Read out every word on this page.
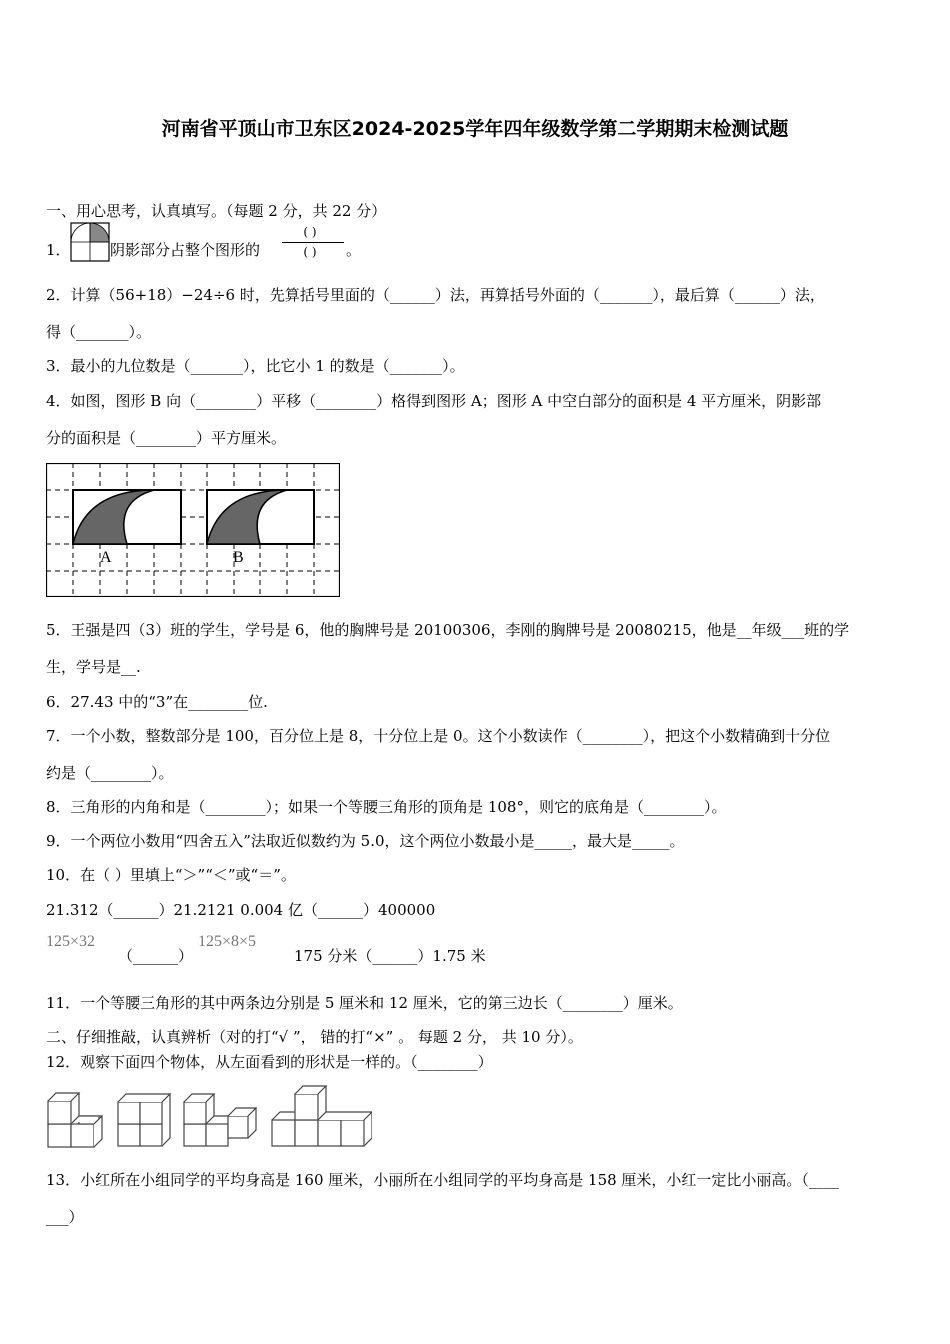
河南省平顶山市卫东区2024-2025学年四年级数学第二学期期末检测试题
一、用心思考，认真填写。（每题 2 分，共 22 分）
1．	阴影部分占整个图形的
( )
( )	。
2．计算（56+18）−24÷6 时，先算括号里面的（______）法，再算括号外面的（_______），最后算（______）法，
得（_______）。
3．最小的九位数是（_______），比它小 1 的数是（_______）。
4．如图，图形 B 向（________）平移（________）格得到图形 A；图形 A 中空白部分的面积是 4 平方厘米，阴影部
分的面积是（________）平方厘米。
A	B
5．王强是四（3）班的学生，学号是 6，他的胸牌号是 20100306，李刚的胸牌号是 20080215，他是__年级___班的学
生，学号是__.
6．27.43 中的“3”在________位.
7．一个小数，整数部分是 100，百分位上是 8，十分位上是 0。这个小数读作（________），把这个小数精确到十分位
约是（________）。
8．三角形的内角和是（________）；如果一个等腰三角形的顶角是 108°，则它的底角是（________）。
9．一个两位小数用“四舍五入”法取近似数约为 5.0，这个两位小数最小是_____，最大是_____。
10．在（ ）里填上“＞”“＜”或“＝”。
21.312（______）21.2121 0.004 亿（______）400000
125×32
（______）
125×8×5
175 分米（______）1.75 米
11．一个等腰三角形的其中两条边分别是 5 厘米和 12 厘米，它的第三边长（________）厘米。
二、仔细推敲，认真辨析（对的打“√ ”， 错的打“×” 。 每题 2 分， 共 10 分）。
12．观察下面四个物体，从左面看到的形状是一样的。（________）
13．小红所在小组同学的平均身高是 160 厘米，小丽所在小组同学的平均身高是 158 厘米，小红一定比小丽高。（____
___）
